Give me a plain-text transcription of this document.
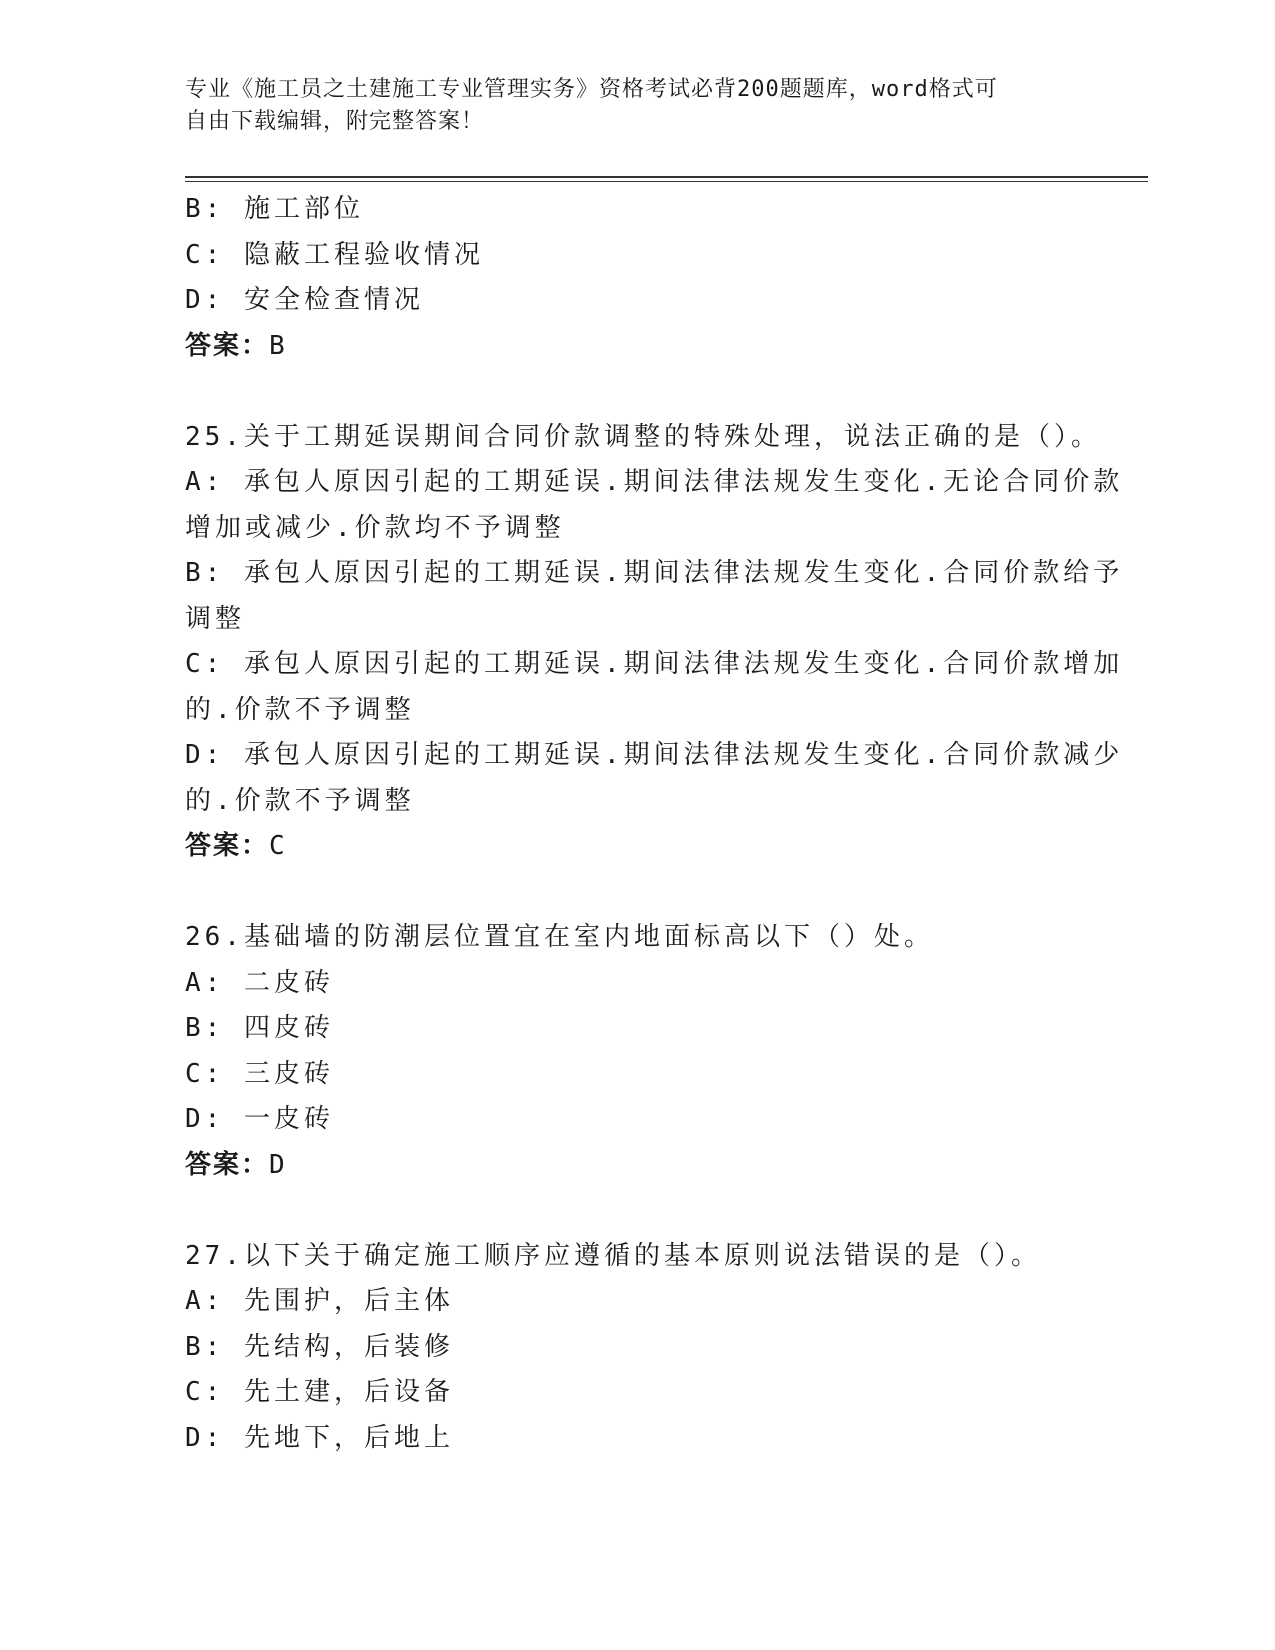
专业《施工员之土建施工专业管理实务》资格考试必背200题题库，word格式可
自由下载编辑，附完整答案！
B: 施工部位
C: 隐蔽工程验收情况
D: 安全检查情况
答案：B
25.关于工期延误期间合同价款调整的特殊处理，说法正确的是（）。
A: 承包人原因引起的工期延误.期间法律法规发生变化.无论合同价款
增加或减少.价款均不予调整
B: 承包人原因引起的工期延误.期间法律法规发生变化.合同价款给予
调整
C: 承包人原因引起的工期延误.期间法律法规发生变化.合同价款增加
的.价款不予调整
D: 承包人原因引起的工期延误.期间法律法规发生变化.合同价款减少
的.价款不予调整
答案：C
26.基础墙的防潮层位置宜在室内地面标高以下（）处。
A: 二皮砖
B: 四皮砖
C: 三皮砖
D: 一皮砖
答案：D
27.以下关于确定施工顺序应遵循的基本原则说法错误的是（）。
A: 先围护，后主体
B: 先结构，后装修
C: 先土建，后设备
D: 先地下，后地上
